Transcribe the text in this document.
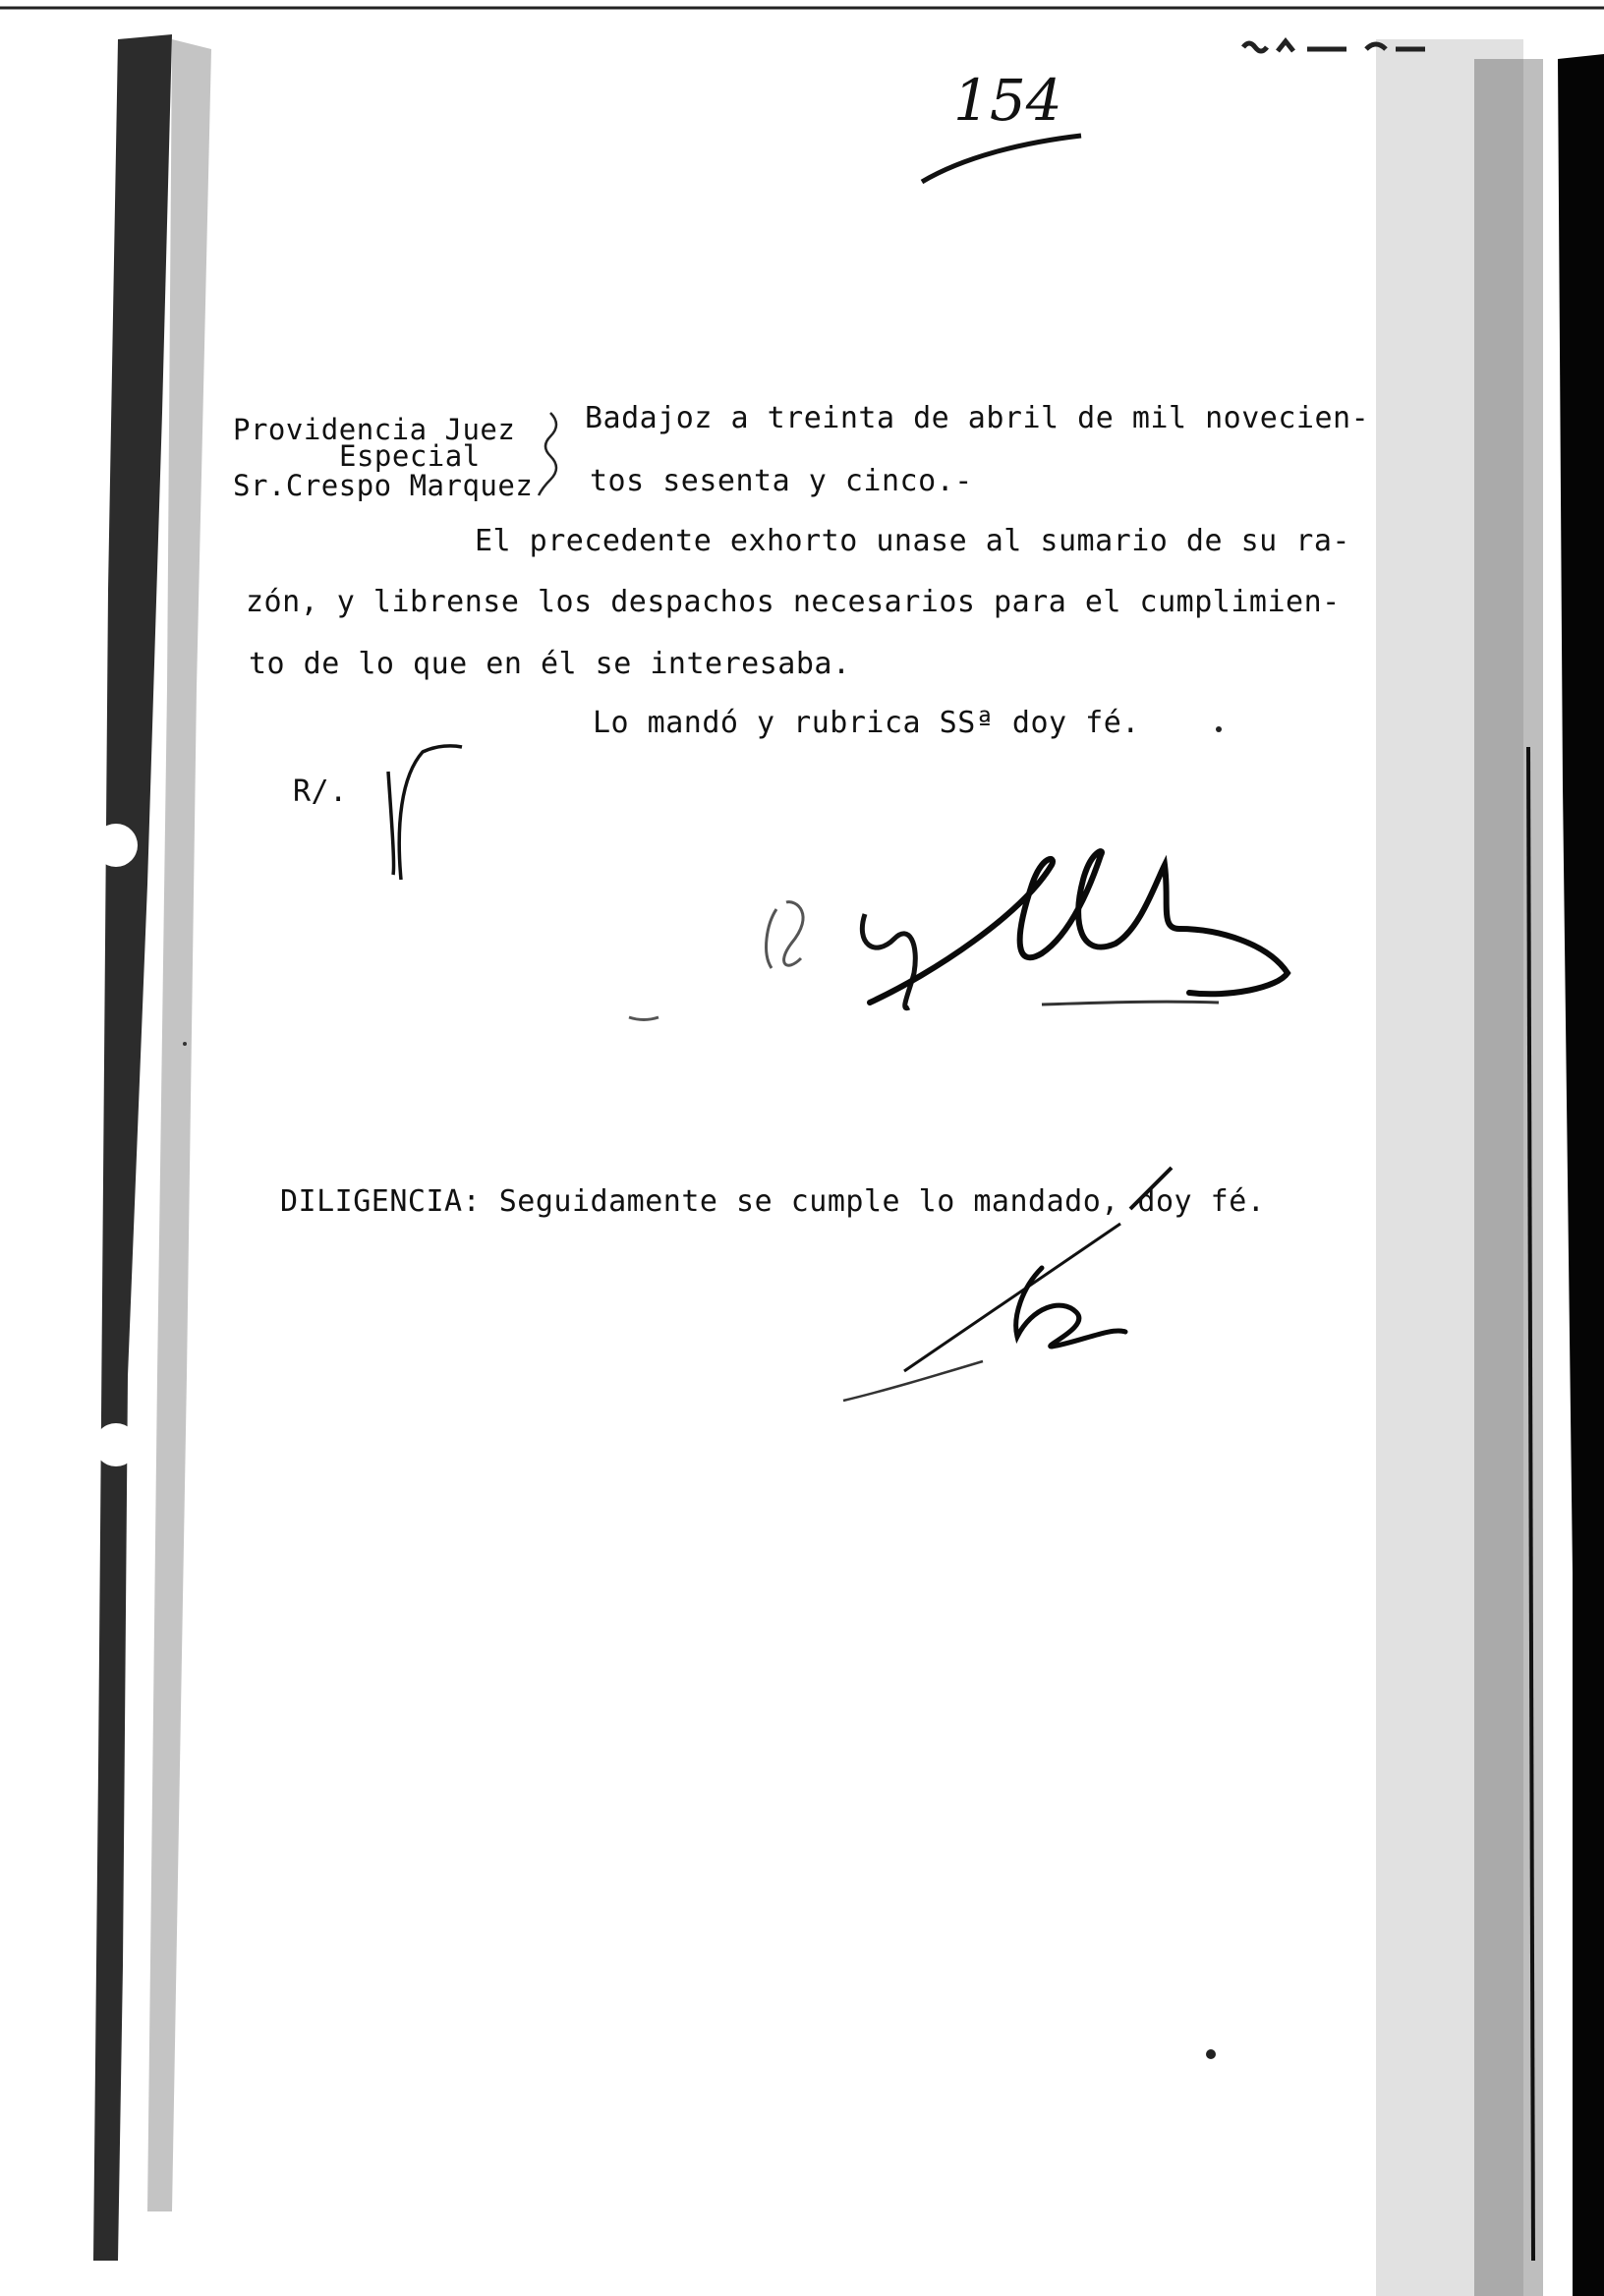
154
Providencia Juez
Especial
Sr.Crespo Marquez
Badajoz a treinta de abril de mil novecien-
tos sesenta y cinco.-
El precedente exhorto unase al sumario de su ra-
zón, y librense los despachos necesarios para el cumplimien-
to de lo que en él se interesaba.
Lo mandó y rubrica SSª doy fé.
R/.
DILIGENCIA: Seguidamente se cumple lo mandado, doy fé.
